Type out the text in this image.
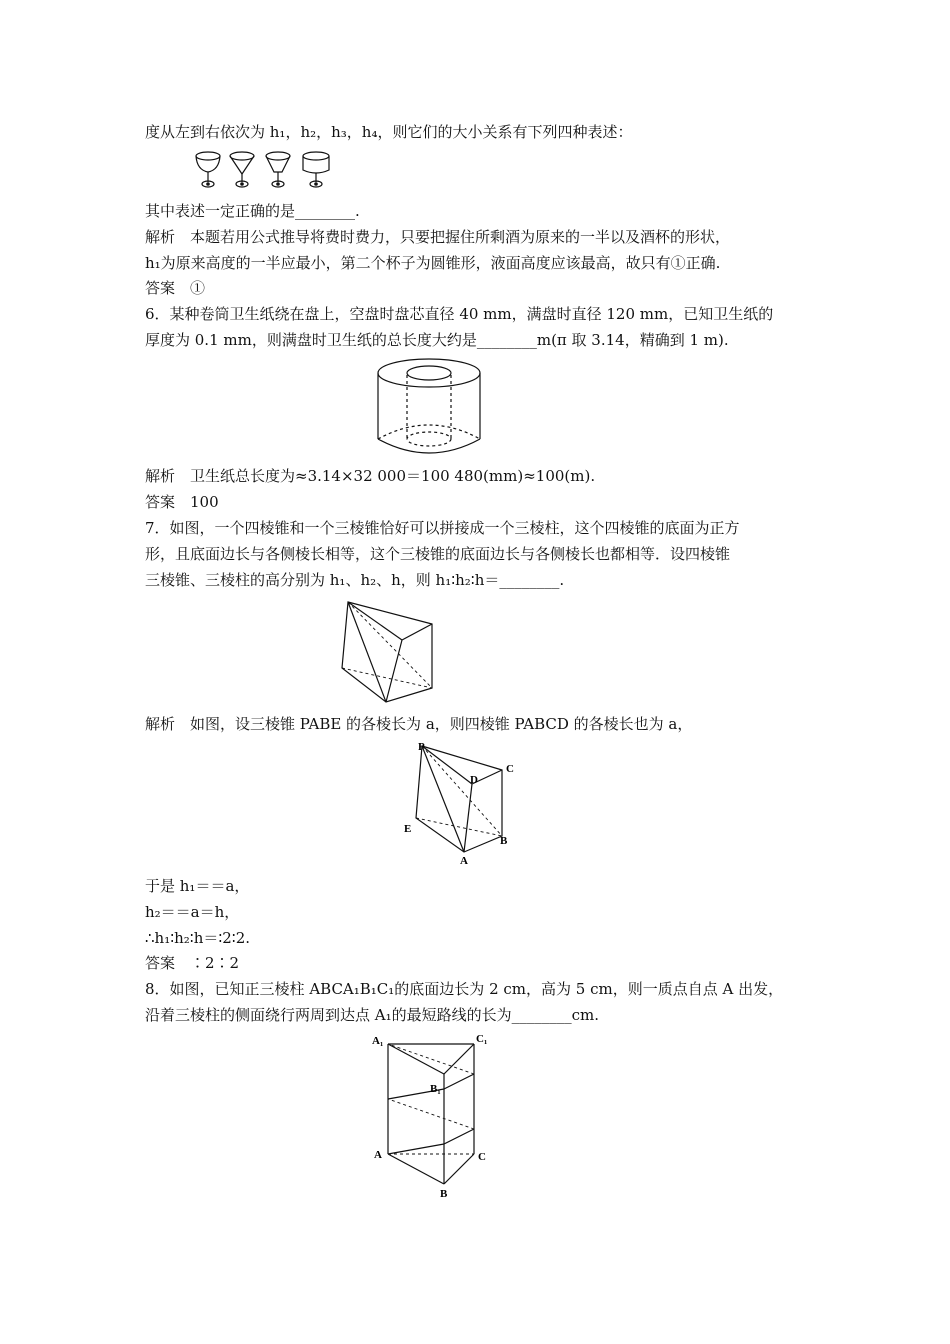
度从左到右依次为 h₁，h₂，h₃，h₄，则它们的大小关系有下列四种表述：
其中表述一定正确的是________.
解析　本题若用公式推导将费时费力，只要把握住所剩酒为原来的一半以及酒杯的形状，
h₁为原来高度的一半应最小，第二个杯子为圆锥形，液面高度应该最高，故只有①正确.
答案　①
6．某种卷筒卫生纸绕在盘上，空盘时盘芯直径 40 mm，满盘时直径 120 mm，已知卫生纸的
厚度为 0.1 mm，则满盘时卫生纸的总长度大约是________m(π 取 3.14，精确到 1 m).
解析　卫生纸总长度为≈3.14×32 000＝100 480(mm)≈100(m).
答案　100
7．如图，一个四棱锥和一个三棱锥恰好可以拼接成一个三棱柱，这个四棱锥的底面为正方
形，且底面边长与各侧棱长相等，这个三棱锥的底面边长与各侧棱长也都相等．设四棱锥
三棱锥、三棱柱的高分别为 h₁、h₂、h，则 h₁∶h₂∶h＝________.
解析　如图，设三棱锥 PABE 的各棱长为 a，则四棱锥 PABCD 的各棱长也为 a，
P
D
C
E
B
A
于是 h₁＝＝a，
h₂＝＝a＝h，
∴h₁∶h₂∶h＝∶2∶2.
答案　∶2∶2
8．如图，已知正三棱柱 ABCA₁B₁C₁的底面边长为 2 cm，高为 5 cm，则一质点自点 A 出发，
沿着三棱柱的侧面绕行两周到达点 A₁的最短路线的长为________cm.
A₁	C₁
B₁
A	C
B
